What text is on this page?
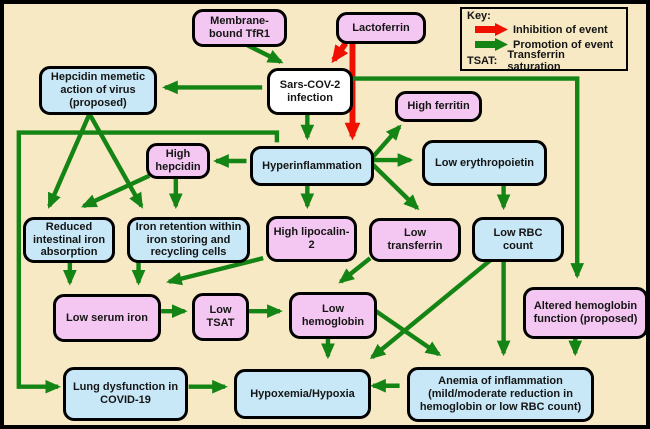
Membrane-bound TfR1
Lactoferrin
Hepcidin memetic action of virus (proposed)
Sars-COV-2 infection
High ferritin
High hepcidin	Hyperinflammation	Low erythropoietin
Reduced intestinal iron absorption
Iron retention within iron storing and recycling cells
High lipocalin-2
Low transferrin
Low RBC count
Altered hemoglobin function (proposed)
Low serum iron
Low TSAT
Low hemoglobin
Lung dysfunction in COVID-19
Hypoxemia/Hypoxia
Anemia of inflammation (mild/moderate reduction in hemoglobin or low RBC count)
Key:
Inhibition of event
Promotion of event
TSAT: Transferrin saturation
